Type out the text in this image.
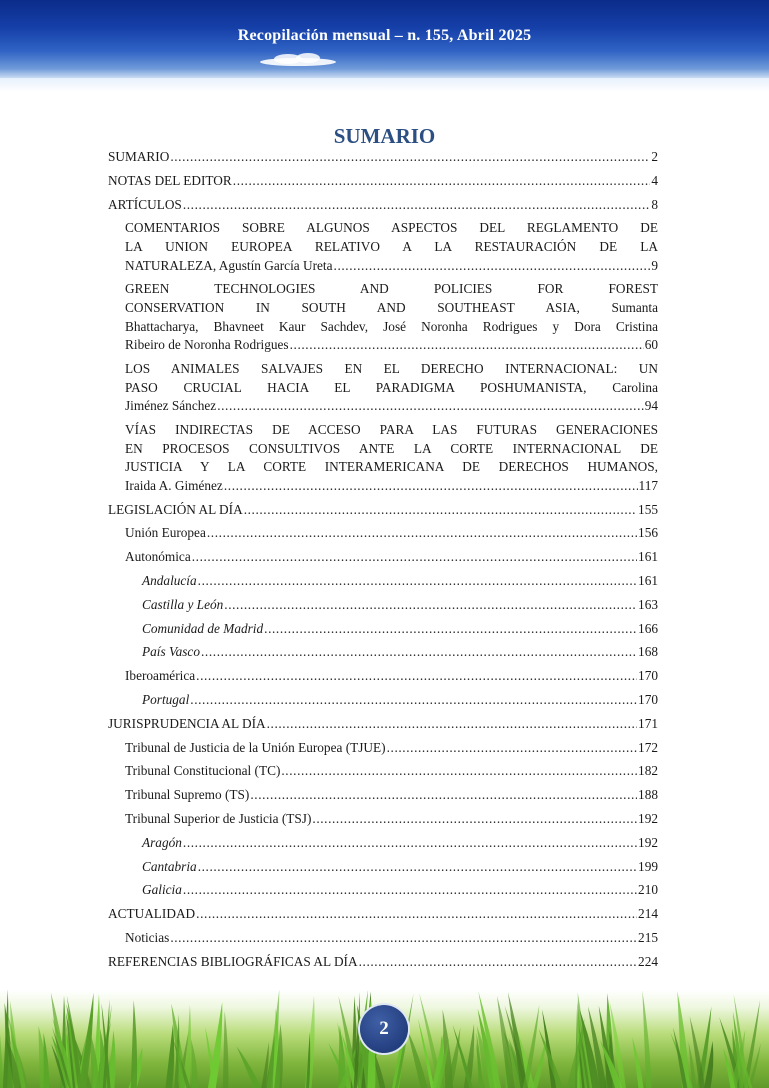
Recopilación mensual – n. 155, Abril 2025
SUMARIO
SUMARIO .....	2
NOTAS DEL EDITOR .....	4
ARTÍCULOS .....	8
COMENTARIOS SOBRE ALGUNOS ASPECTOS DEL REGLAMENTO DE
LA UNION EUROPEA RELATIVO A LA RESTAURACIÓN DE LA
NATURALEZA, Agustín García Ureta .....	9
GREEN TECHNOLOGIES AND POLICIES FOR FOREST
CONSERVATION IN SOUTH AND SOUTHEAST ASIA, Sumanta
Bhattacharya, Bhavneet Kaur Sachdev, José Noronha Rodrigues y Dora Cristina
Ribeiro de Noronha Rodrigues .....	60
LOS ANIMALES SALVAJES EN EL DERECHO INTERNACIONAL: UN
PASO CRUCIAL HACIA EL PARADIGMA POSHUMANISTA, Carolina
Jiménez Sánchez .....	94
VÍAS INDIRECTAS DE ACCESO PARA LAS FUTURAS GENERACIONES
EN PROCESOS CONSULTIVOS ANTE LA CORTE INTERNACIONAL DE
JUSTICIA Y LA CORTE INTERAMERICANA DE DERECHOS HUMANOS,
Iraida A. Giménez .....	117
LEGISLACIÓN AL DÍA .....	155
Unión Europea .....	156
Autonómica .....	161
Andalucía .....	161
Castilla y León .....	163
Comunidad de Madrid .....	166
País Vasco .....	168
Iberoamérica .....	170
Portugal .....	170
JURISPRUDENCIA AL DÍA .....	171
Tribunal de Justicia de la Unión Europea (TJUE) .....	172
Tribunal Constitucional (TC) .....	182
Tribunal Supremo (TS) .....	188
Tribunal Superior de Justicia (TSJ) .....	192
Aragón .....	192
Cantabria .....	199
Galicia .....	210
ACTUALIDAD .....	214
Noticias .....	215
REFERENCIAS BIBLIOGRÁFICAS AL DÍA .....	224
2
